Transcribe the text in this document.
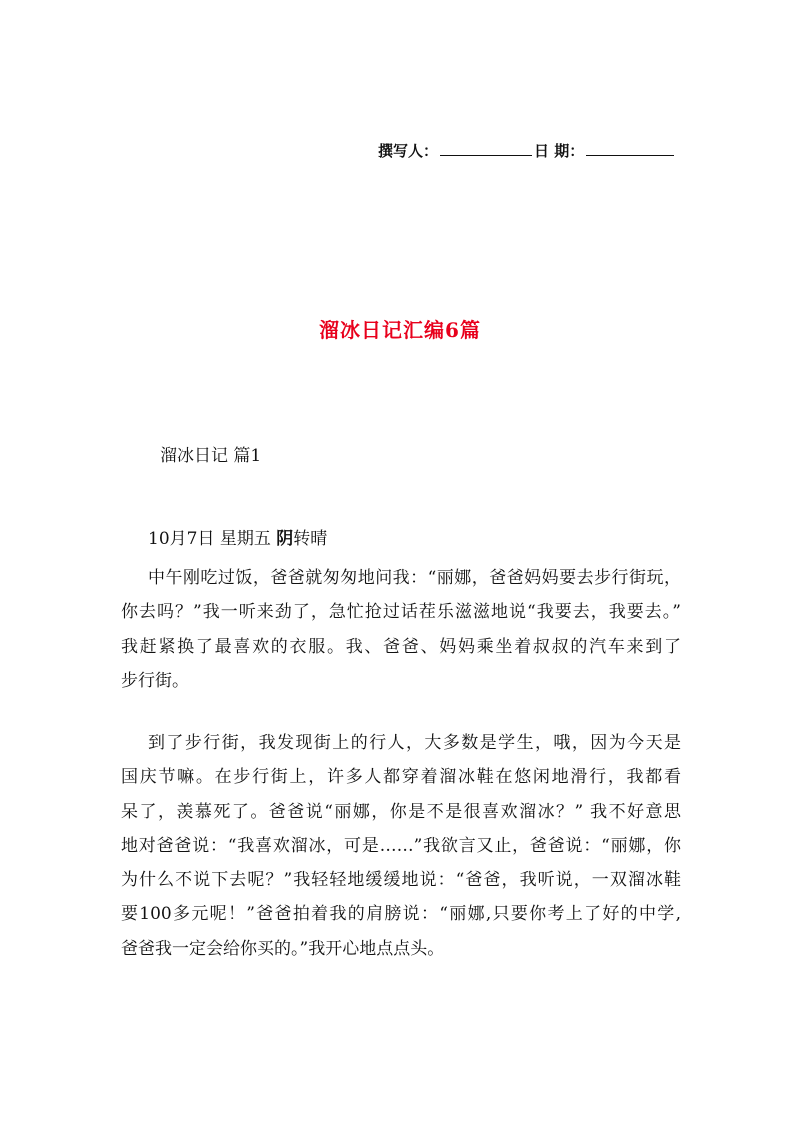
撰写人：	日 期：
溜冰日记汇编6篇
溜冰日记 篇1
10月7日 星期五 阴转晴
中午刚吃过饭，爸爸就匆匆地问我：“丽娜，爸爸妈妈要去步行街玩，
你去吗？”我一听来劲了，急忙抢过话茬乐滋滋地说“我要去，我要去。”
我赶紧换了最喜欢的衣服。我、爸爸、妈妈乘坐着叔叔的汽车来到了
步行街。
到了步行街，我发现街上的行人，大多数是学生，哦，因为今天是
国庆节嘛。在步行街上，许多人都穿着溜冰鞋在悠闲地滑行，我都看
呆了，羡慕死了。爸爸说“丽娜，你是不是很喜欢溜冰？” 我不好意思
地对爸爸说：“我喜欢溜冰，可是……”我欲言又止，爸爸说：“丽娜，你
为什么不说下去呢？”我轻轻地缓缓地说：“爸爸，我听说，一双溜冰鞋
要100多元呢！”爸爸拍着我的肩膀说：“丽娜,只要你考上了好的中学,
爸爸我一定会给你买的。”我开心地点点头。
